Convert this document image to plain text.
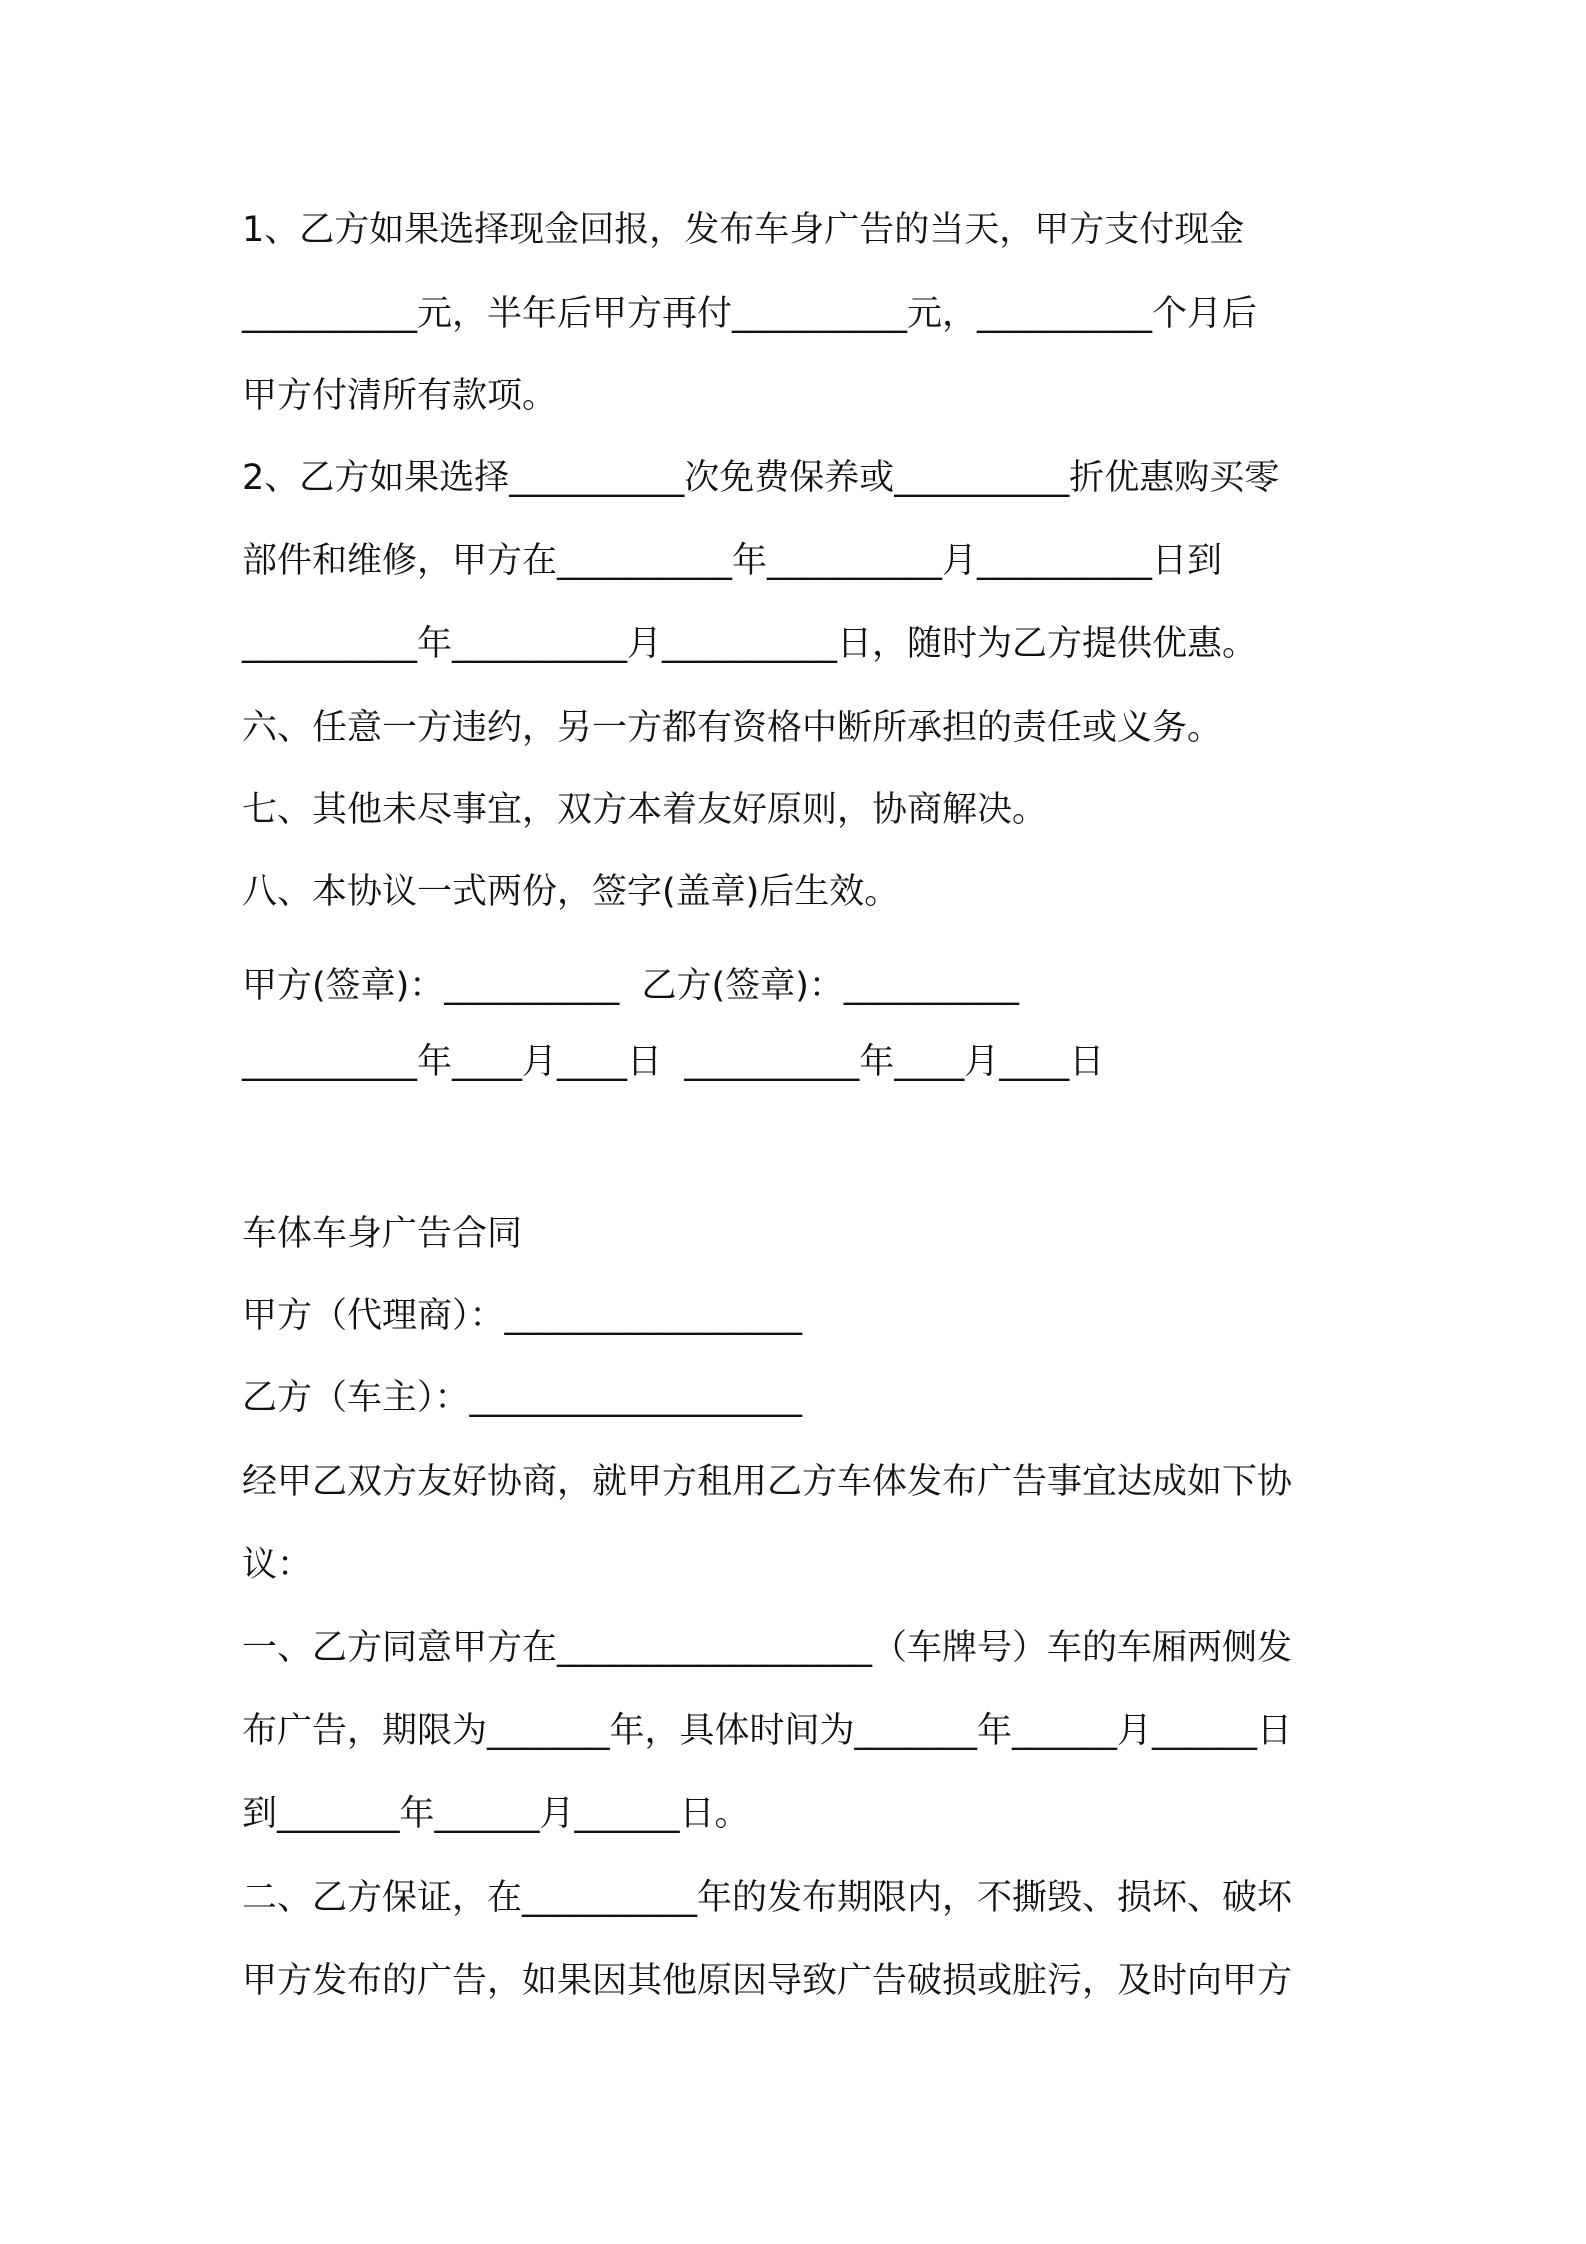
1、乙方如果选择现金回报，发布车身广告的当天，甲方支付现金
__________元，半年后甲方再付__________元，__________个月后
甲方付清所有款项。
2、乙方如果选择__________次免费保养或__________折优惠购买零
部件和维修，甲方在__________年__________月__________日到
__________年__________月__________日，随时为乙方提供优惠。
六、任意一方违约，另一方都有资格中断所承担的责任或义务。
七、其他未尽事宜，双方本着友好原则，协商解决。
八、本协议一式两份，签字(盖章)后生效。
甲方(签章)：__________  乙方(签章)：__________
__________年____月____日  __________年____月____日
车体车身广告合同
甲方（代理商）：_________________
乙方（车主）：___________________
经甲乙双方友好协商，就甲方租用乙方车体发布广告事宜达成如下协
议：
一、乙方同意甲方在__________________（车牌号）车的车厢两侧发
布广告，期限为_______年，具体时间为_______年______月______日
到_______年______月______日。
二、乙方保证，在__________年的发布期限内，不撕毁、损坏、破坏
甲方发布的广告，如果因其他原因导致广告破损或脏污，及时向甲方
